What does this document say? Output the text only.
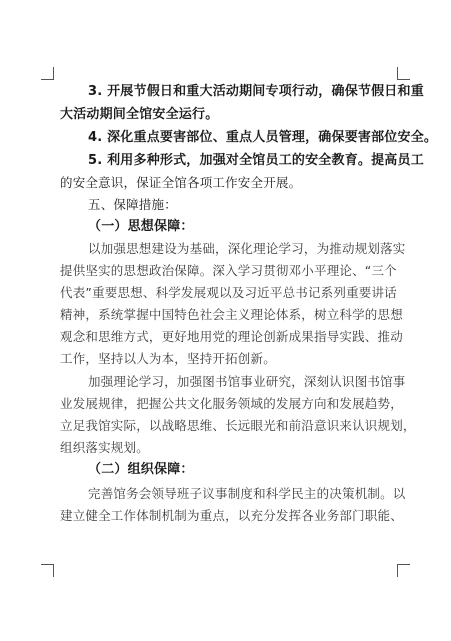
3. 开展节假日和重大活动期间专项行动，确保节假日和重
大活动期间全馆安全运行。
4. 深化重点要害部位、重点人员管理，确保要害部位安全。
5. 利用多种形式，加强对全馆员工的安全教育。提高员工
的安全意识，保证全馆各项工作安全开展。
五、保障措施：
（一）思想保障：
以加强思想建设为基础，深化理论学习，为推动规划落实
提供坚实的思想政治保障。深入学习贯彻邓小平理论、“三个
代表”重要思想、科学发展观以及习近平总书记系列重要讲话
精神，系统掌握中国特色社会主义理论体系，树立科学的思想
观念和思维方式，更好地用党的理论创新成果指导实践、推动
工作，坚持以人为本，坚持开拓创新。
加强理论学习，加强图书馆事业研究，深刻认识图书馆事
业发展规律，把握公共文化服务领域的发展方向和发展趋势，
立足我馆实际，以战略思维、长远眼光和前沿意识来认识规划，
组织落实规划。
（二）组织保障：
完善馆务会领导班子议事制度和科学民主的决策机制。以
建立健全工作体制机制为重点，以充分发挥各业务部门职能、
